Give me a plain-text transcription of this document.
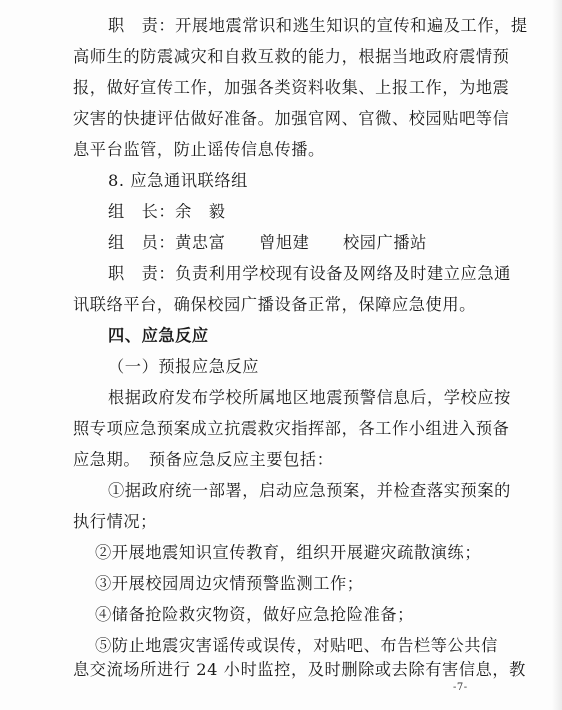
职　责：开展地震常识和逃生知识的宣传和遍及工作，提
高师生的防震减灾和自救互救的能力，根据当地政府震情预
报，做好宣传工作，加强各类资料收集、上报工作，为地震
灾害的快捷评估做好准备。加强官网、官微、校园贴吧等信
息平台监管，防止谣传信息传播。
8. 应急通讯联络组
组　长：余　毅
组　员：黄忠富　　曾旭建　　校园广播站
职　责：负责利用学校现有设备及网络及时建立应急通
讯联络平台，确保校园广播设备正常，保障应急使用。
四、应急反应
（一）预报应急反应
根据政府发布学校所属地区地震预警信息后，学校应按
照专项应急预案成立抗震救灾指挥部，各工作小组进入预备
应急期。　预备应急反应主要包括：
①据政府统一部署，启动应急预案，并检查落实预案的
执行情况；
②开展地震知识宣传教育，组织开展避灾疏散演练；
③开展校园周边灾情预警监测工作；
④储备抢险救灾物资，做好应急抢险准备；
⑤防止地震灾害谣传或误传，对贴吧、布告栏等公共信
息交流场所进行 24 小时监控，及时删除或去除有害信息，教
-7-
